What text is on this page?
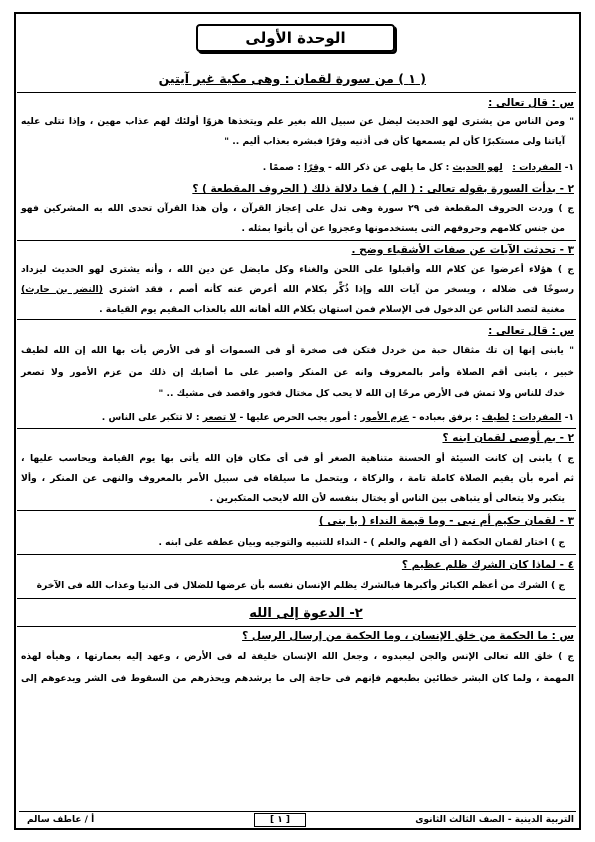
الوحدة الأولى
( ١ ) من سورة لقمان : وهى مكية غير آيتين
س : قال تعالى :
" ومن الناس من يشترى لهو الحديث ليضل عن سبيل الله بغير علم ويتخذها هزوًا أولئك لهم عذاب مهين ، وإذا تتلى عليه
آياتنا ولى مستكبرًا كأن لم يسمعها كأن فى أذنيه وقرًا فبشره بعذاب أليم .. "
١- المفردات :   لهو الحديث : كل ما يلهى عن ذكر الله - وقرًا : صممًا .
٢ - بدأت السورة بقوله تعالى : ( الم ) فما دلالة ذلك ( الحروف المقطعة ) ؟
ج ) وردت الحروف المقطعة فى ٢٩ سورة وهى تدل على إعجاز القرآن ، وأن هذا القرآن تحدى الله به المشركين فهو
من جنس كلامهم وحروفهم التى يستخدمونها وعجزوا عن أن يأتوا بمثله .
٣ - تحدثت الآيات عن صفات الأشقياء وضح .
ج ) هؤلاء أعرضوا عن كلام الله وأقبلوا على اللحن والغناء وكل مايضل عن دين الله ، وأنه يشترى لهو الحديث ليزداد
رسوخًا فى ضلاله ، ويسخر من آيات الله وإذا ذُكِّر بكلام الله أعرض عنه كأنه أصم ، فقد اشترى (النضر بن حارث)
مغنية لتصد الناس عن الدخول فى الإسلام فمن استهان بكلام الله أهانه الله بالعذاب المقيم يوم القيامة .
س : قال تعالى :
" يابنى إنها إن تك مثقال حبة من خردل فتكن فى صخرة أو فى السموات أو فى الأرض يأت بها الله إن الله لطيف
خبير ، يابنى أقم الصلاة وأمر بالمعروف وانه عن المنكر واصبر على ما أصابك إن ذلك من عزم الأمور ولا تصعر
خدك للناس ولا تمش فى الأرض مرحًا إن الله لا يحب كل مختال فخور واقصد فى مشيك .. "
١- المفردات : لطيف : برفق بعباده - عزم الأمور : أمور يجب الحرص عليها - لا تصعر : لا تتكبر على الناس .
٢ - بم أوصى لقمان ابنه ؟
ج ) يابنى إن كانت السيئة أو الحسنة متناهية الصغر أو فى أى مكان فإن الله يأتى بها يوم القيامة ويحاسب عليها ،
ثم أمره بأن يقيم الصلاة كاملة تامة ، والزكاة ، ويتحمل ما سيلقاه فى سبيل الأمر بالمعروف والنهى عن المنكر ، وألا
يتكبر ولا يتعالى أو يتباهى بين الناس أو يختال بنفسه لأن الله لايحب المتكبرين .
٣ - لقمان حكيم أم نبى - وما قيمة النداء ( يا بنى )
ج ) اختار لقمان الحكمة ( أى الفهم والعلم ) - النداء للتنبيه والتوجيه وبيان عطفه على ابنه .
٤ - لماذا كان الشرك ظلم عظيم ؟
ج ) الشرك من أعظم الكبائر وأكبرها فبالشرك يظلم الإنسان نفسه بأن عرضها للضلال فى الدنيا وعذاب الله فى الآخرة
٢- الدعوة إلى الله
س : ما الحكمة من خلق الإنسان ، وما الحكمة من إرسال الرسل ؟
ج ) خلق الله تعالى الإنس والجن ليعبدوه ، وجعل الله الإنسان خليفة له فى الأرض ، وعهد إليه بعمارتها ، وهيأه لهذه
المهمة ، ولما كان البشر خطائين بطبعهم فإنهم فى حاجة إلى ما يرشدهم ويحذرهم من السقوط فى الشر ويدعوهم إلى
التربية الدينية - الصف الثالث الثانوى
[ ١ ]
أ / عاطف سالم
